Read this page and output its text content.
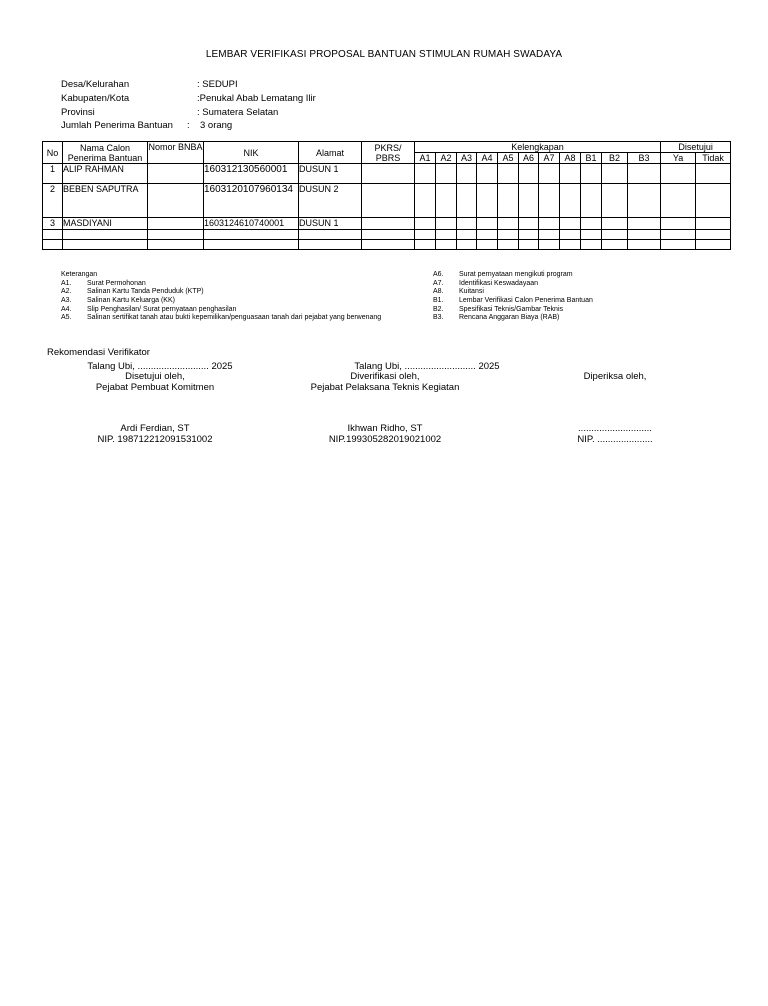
LEMBAR VERIFIKASI PROPOSAL BANTUAN STIMULAN RUMAH SWADAYA
Desa/Kelurahan	: SEDUPI
Kabupaten/Kota	:Penukal Abab Lematang Ilir
Provinsi	: Sumatera Selatan
Jumlah Penerima Bantuan : 3 orang
No	Nama Calon Penerima Bantuan	Nomor BNBA	NIK	Alamat	PKRS/ PBRS	Kelengkapan											Disetujui	
						A1	A2	A3	A4	A5	A6	A7	A8	B1	B2	B3	Ya	Tidak
1	ALIP RAHMAN		160312130560001	DUSUN 1														
2	BEBEN SAPUTRA		1603120107960134	DUSUN 2														
3	MASDIYANI		1603124610740001	DUSUN 1														

Keterangan
A1. Surat Permohonan
A2. Salinan Kartu Tanda Penduduk (KTP)
A3. Salinan Kartu Keluarga (KK)
A4. Slip Penghasilan/ Surat pernyataan penghasilan
A5. Salinan sertifikat tanah atau bukti kepemilikan/penguasaan tanah dari pejabat yang berwenang
A6. Surat pernyataan mengikuti program
A7. Identifikasi Keswadayaan
A8. Kuitansi
B1. Lembar Verifikasi Calon Penerima Bantuan
B2. Spesifikasi Teknis/Gambar Teknis
B3. Rencana Anggaran Biaya (RAB)
Rekomendasi Verifikator
Talang Ubi, ........................... 2025
Disetujui oleh,
Pejabat Pembuat Komitmen
Ardi Ferdian, ST
NIP. 198712212091531002
Talang Ubi, ........................... 2025
Diverifikasi oleh,
Pejabat Pelaksana Teknis Kegiatan
Ikhwan Ridho, ST
NIP.199305282019021002
Diperiksa oleh,
............................
NIP. .....................
